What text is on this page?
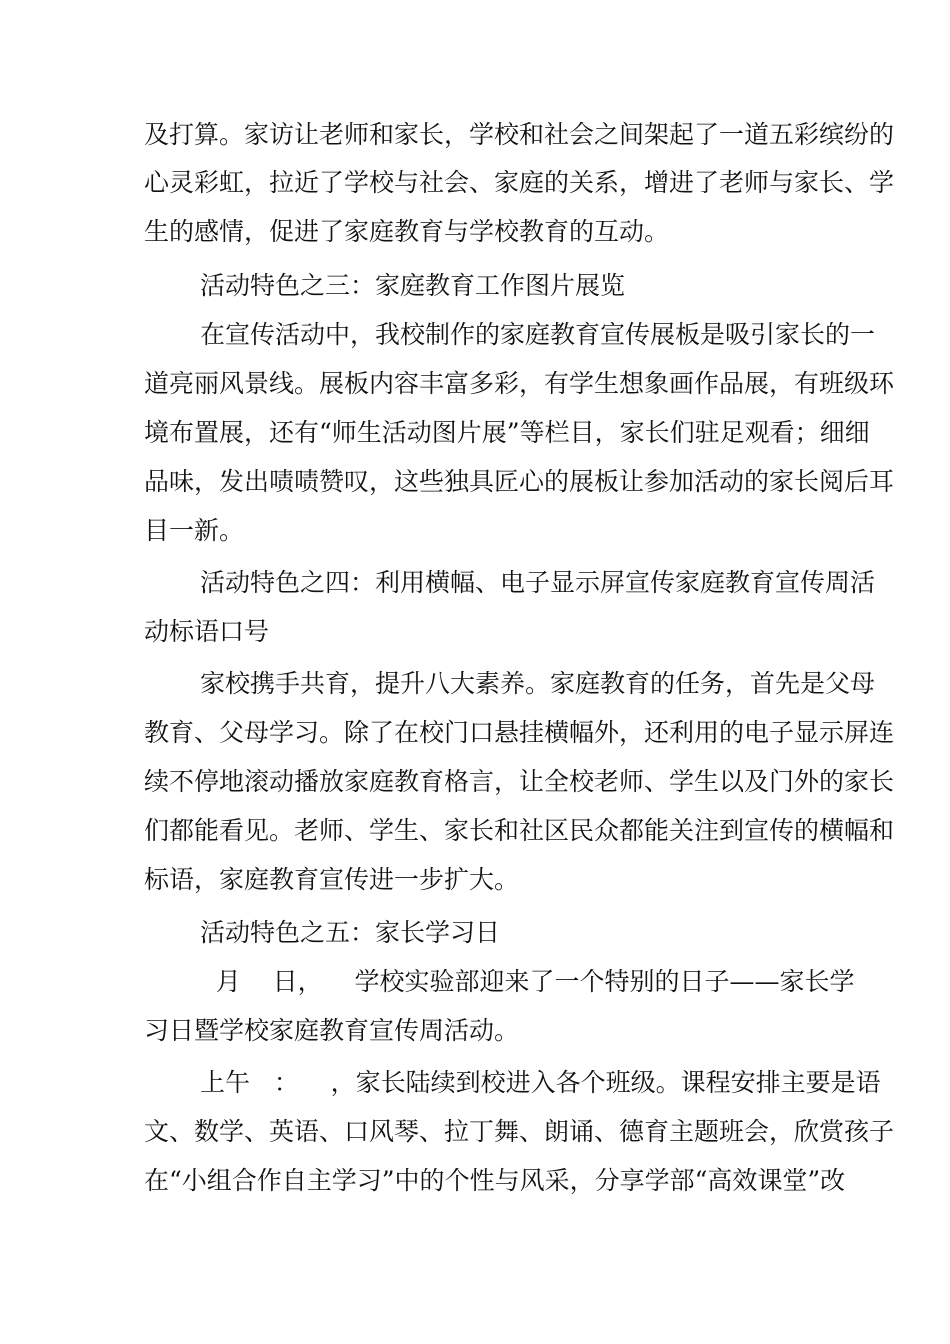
及打算。家访让老师和家长，学校和社会之间架起了一道五彩缤纷的
心灵彩虹，拉近了学校与社会、家庭的关系，增进了老师与家长、学
生的感情，促进了家庭教育与学校教育的互动。
活动特色之三：家庭教育工作图片展览
在宣传活动中，我校制作的家庭教育宣传展板是吸引家长的一
道亮丽风景线。展板内容丰富多彩，有学生想象画作品展，有班级环
境布置展，还有“师生活动图片展”等栏目，家长们驻足观看；细细
品味，发出啧啧赞叹，这些独具匠心的展板让参加活动的家长阅后耳
目一新。
活动特色之四：利用横幅、电子显示屏宣传家庭教育宣传周活
动标语口号
家校携手共育，提升八大素养。家庭教育的任务，首先是父母
教育、父母学习。除了在校门口悬挂横幅外，还利用的电子显示屏连
续不停地滚动播放家庭教育格言，让全校老师、学生以及门外的家长
们都能看见。老师、学生、家长和社区民众都能关注到宣传的横幅和
标语，家庭教育宣传进一步扩大。
活动特色之五：家长学习日
月    日，    学校实验部迎来了一个特别的日子——家长学
习日暨学校家庭教育宣传周活动。
上午   ：    ，家长陆续到校进入各个班级。课程安排主要是语
文、数学、英语、口风琴、拉丁舞、朗诵、德育主题班会，欣赏孩子
在“小组合作自主学习”中的个性与风采，分享学部“高效课堂”改
